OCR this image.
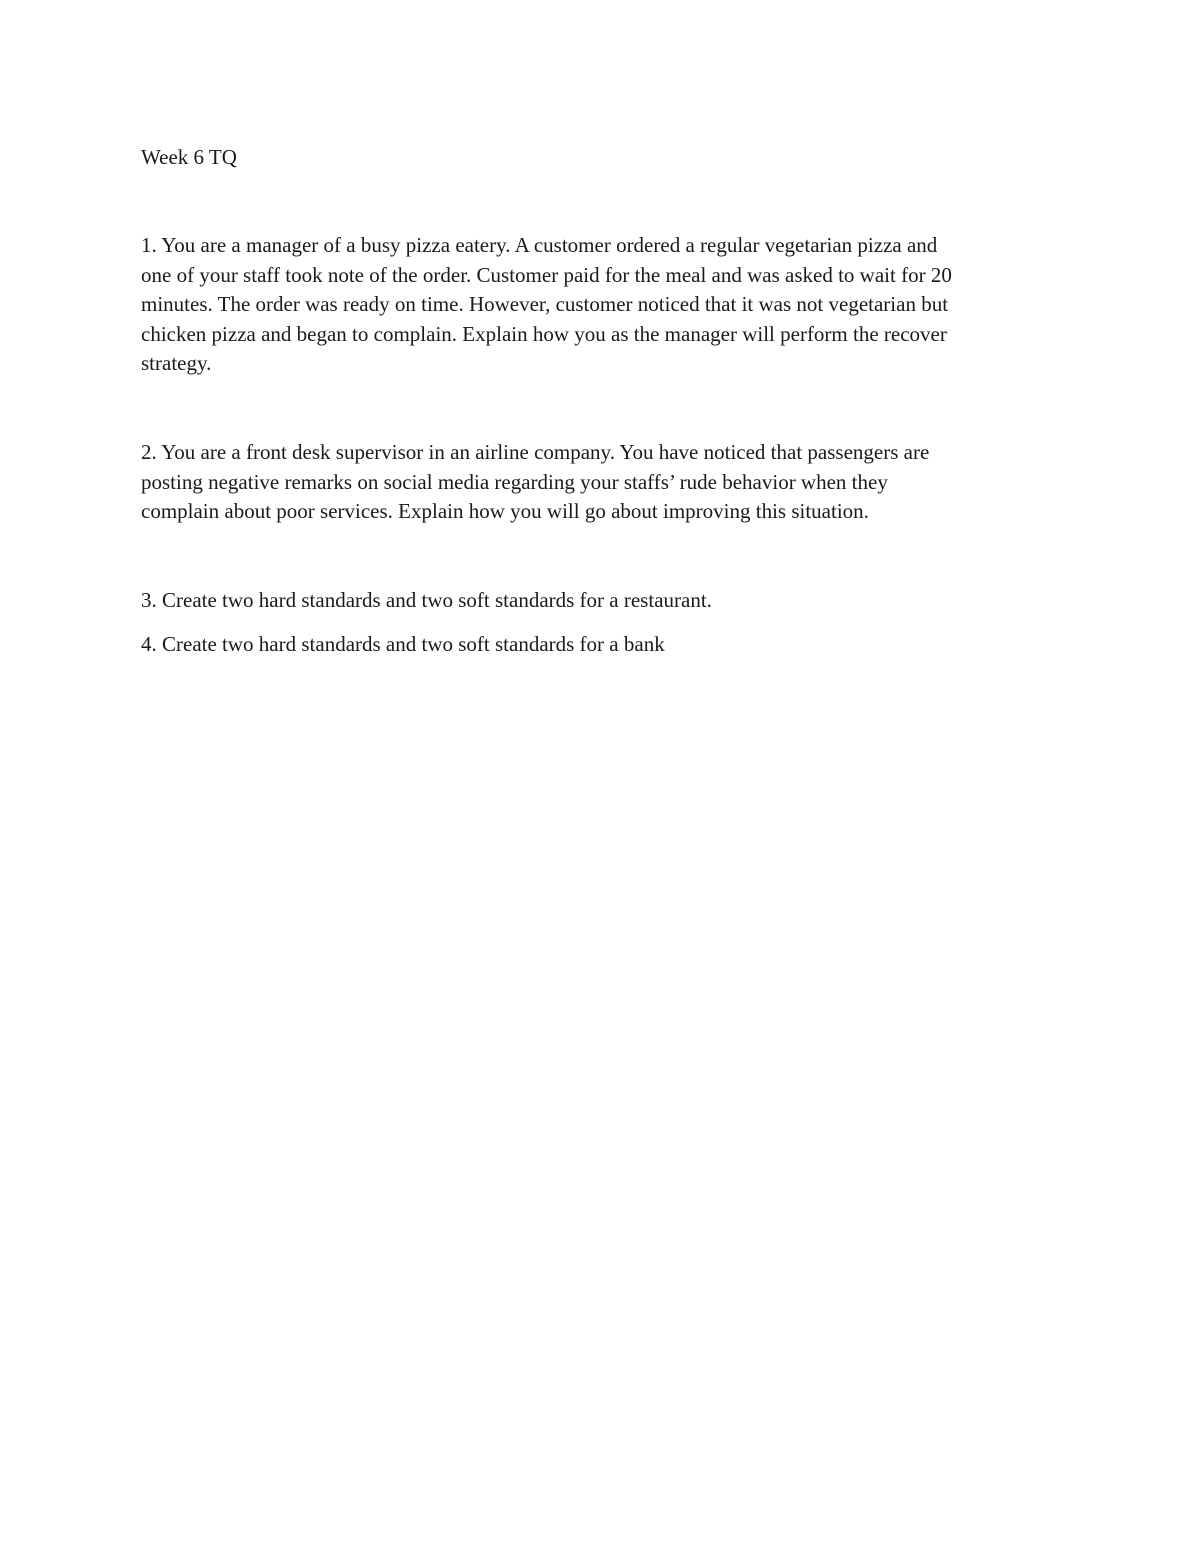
Week 6 TQ

1. You are a manager of a busy pizza eatery. A customer ordered a regular vegetarian pizza and
one of your staff took note of the order. Customer paid for the meal and was asked to wait for 20
minutes. The order was ready on time. However, customer noticed that it was not vegetarian but
chicken pizza and began to complain. Explain how you as the manager will perform the recover
strategy.
2. You are a front desk supervisor in an airline company. You have noticed that passengers are
posting negative remarks on social media regarding your staffs’ rude behavior when they
complain about poor services. Explain how you will go about improving this situation.
3. Create two hard standards and two soft standards for a restaurant.
4. Create two hard standards and two soft standards for a bank
